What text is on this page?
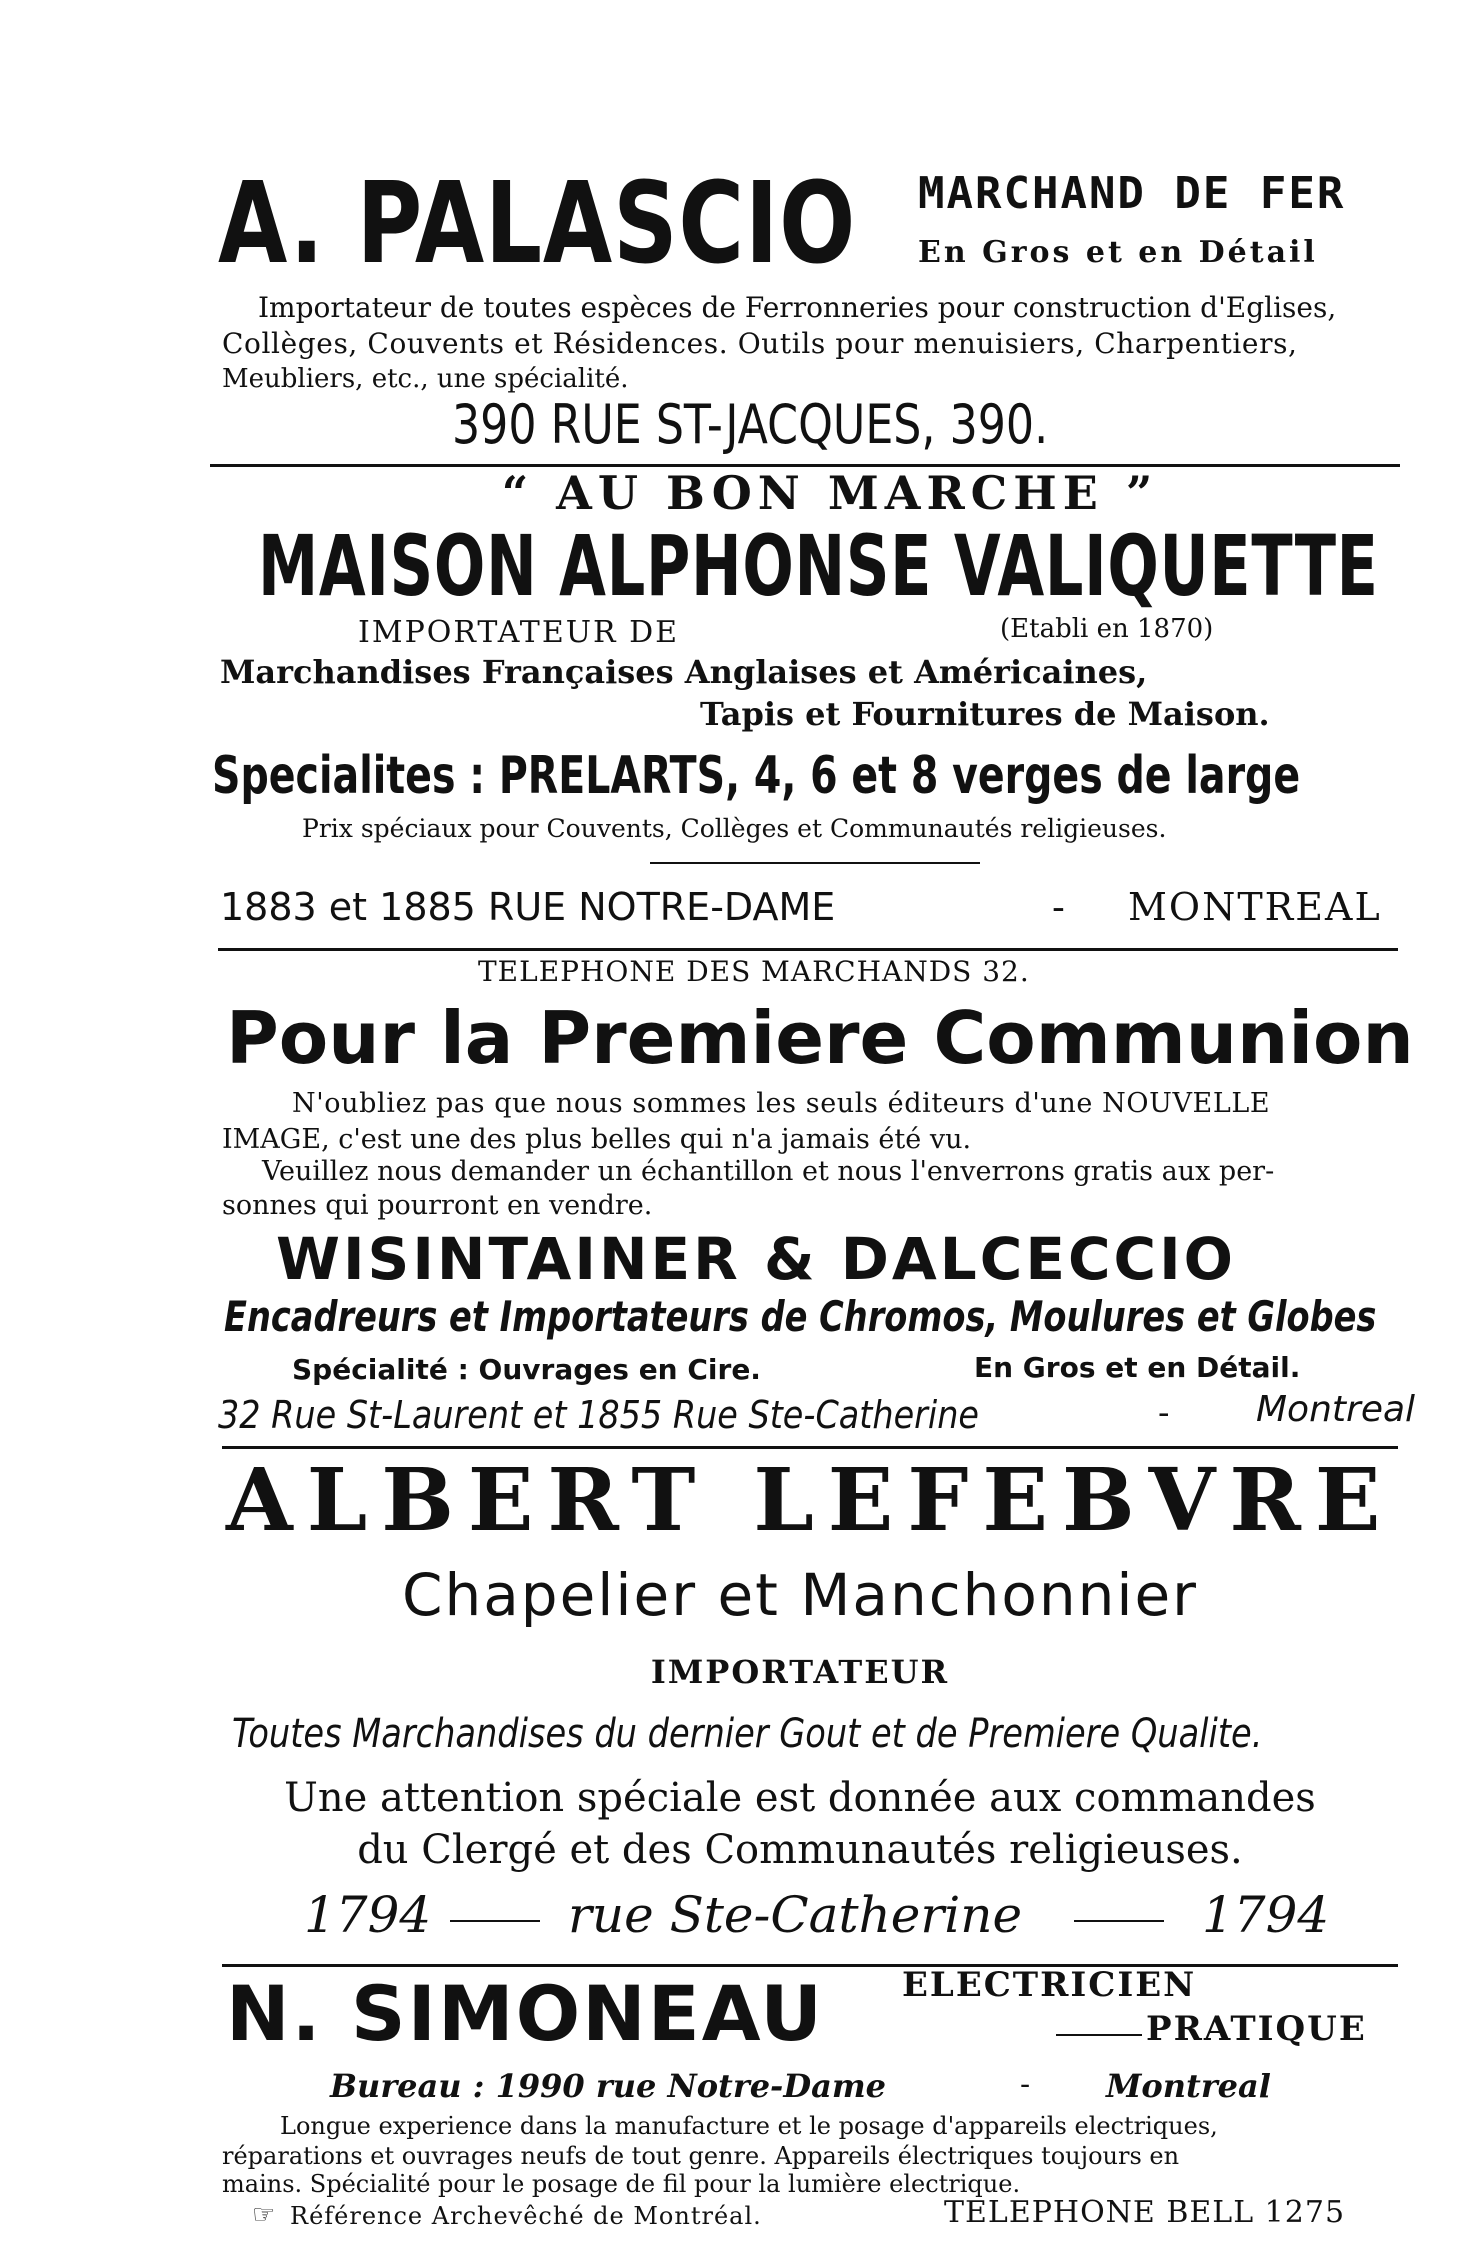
A. PALASCIO	MARCHAND DE FER
En Gros et en Détail
Importateur de toutes espèces de Ferronneries pour construction d'Eglises,
Collèges, Couvents et Résidences. Outils pour menuisiers, Charpentiers,
Meubliers, etc., une spécialité.
390 RUE ST-JACQUES, 390.
“ AU BON MARCHE ”
MAISON ALPHONSE VALIQUETTE
IMPORTATEUR DE	(Etabli en 1870)
Marchandises Françaises Anglaises et Américaines,
Tapis et Fournitures de Maison.
Specialites : PRELARTS, 4, 6 et 8 verges de large
Prix spéciaux pour Couvents, Collèges et Communautés religieuses.
1883 et 1885 RUE NOTRE-DAME	- MONTREAL
TELEPHONE DES MARCHANDS 32.
Pour la Premiere Communion
N'oubliez pas que nous sommes les seuls éditeurs d'une NOUVELLE
IMAGE, c'est une des plus belles qui n'a jamais été vu.
Veuillez nous demander un échantillon et nous l'enverrons gratis aux per-
sonnes qui pourront en vendre.
WISINTAINER & DALCECCIO
Encadreurs et Importateurs de Chromos, Moulures et Globes
Spécialité : Ouvrages en Cire.	En Gros et en Détail.
32 Rue St-Laurent et 1855 Rue Ste-Catherine	- Montreal
ALBERT LEFEBVRE
Chapelier et Manchonnier
IMPORTATEUR
Toutes Marchandises du dernier Gout et de Premiere Qualite.
Une attention spéciale est donnée aux commandes
du Clergé et des Communautés religieuses.
1794	rue Ste-Catherine	1794
N. SIMONEAU ELECTRICIEN
PRATIQUE
Bureau : 1990 rue Notre-Dame	- Montreal
Longue experience dans la manufacture et le posage d'appareils electriques,
réparations et ouvrages neufs de tout genre. Appareils électriques toujours en
mains. Spécialité pour le posage de fil pour la lumière electrique.
☞ Référence Archevêché de Montréal.	TELEPHONE BELL 1275
